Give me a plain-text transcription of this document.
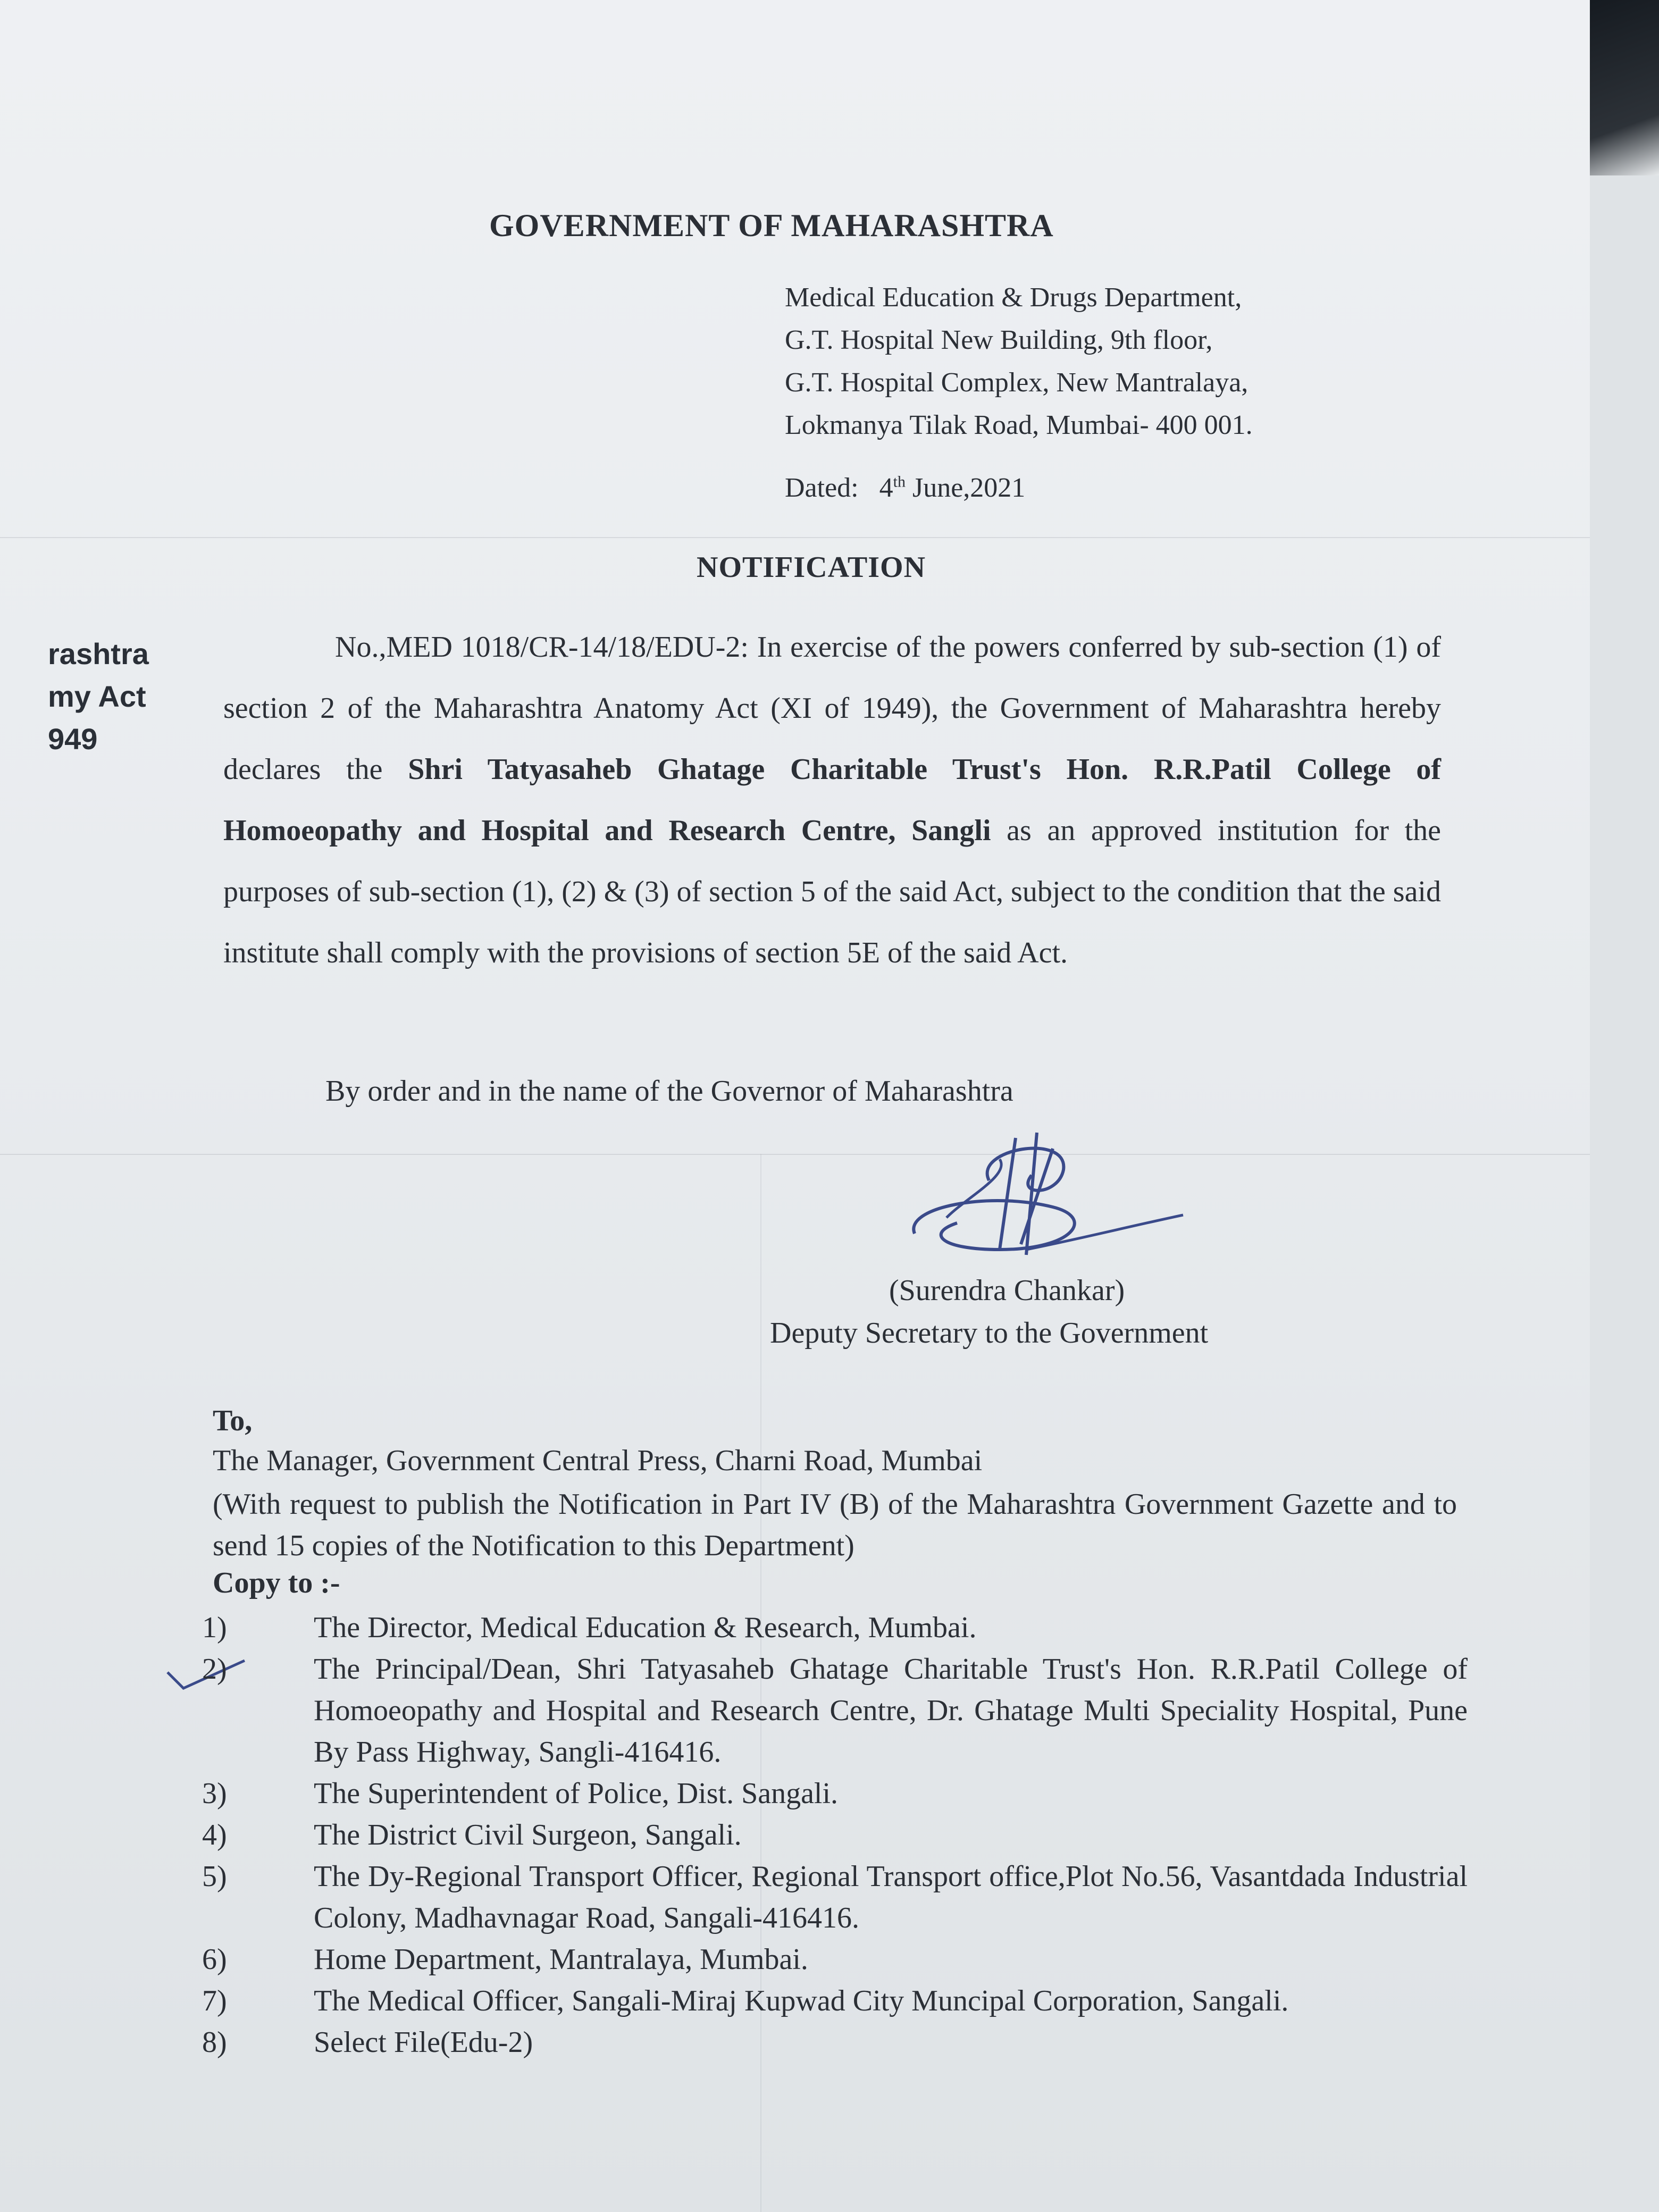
GOVERNMENT OF MAHARASHTRA
Medical Education & Drugs Department,
G.T. Hospital New Building, 9th floor,
G.T. Hospital Complex, New Mantralaya,
Lokmanya Tilak Road, Mumbai- 400 001.
Dated: 4th June,2021
NOTIFICATION
rashtra
my Act
949
No.,MED 1018/CR-14/18/EDU-2: In exercise of the powers conferred by sub-section (1) of section 2 of the Maharashtra Anatomy Act (XI of 1949), the Government of Maharashtra hereby declares the Shri Tatyasaheb Ghatage Charitable Trust's Hon. R.R.Patil College of Homoeopathy and Hospital and Research Centre, Sangli as an approved institution for the purposes of sub-section (1), (2) & (3) of section 5 of the said Act, subject to the condition that the said institute shall comply with the provisions of section 5E of the said Act.
By order and in the name of the Governor of Maharashtra
(Surendra Chankar)
Deputy Secretary to the Government
To,
The Manager, Government Central Press, Charni Road, Mumbai
(With request to publish the Notification in Part IV (B) of the Maharashtra Government Gazette and to send 15 copies of the Notification to this Department)
Copy to :-
1)	The Director, Medical Education & Research, Mumbai.
2)	The Principal/Dean, Shri Tatyasaheb Ghatage Charitable Trust's Hon. R.R.Patil College of Homoeopathy and Hospital and Research Centre, Dr. Ghatage Multi Speciality Hospital, Pune By Pass Highway, Sangli-416416.
3)	The Superintendent of Police, Dist. Sangali.
4)	The District Civil Surgeon, Sangali.
5)	The Dy-Regional Transport Officer, Regional Transport office,Plot No.56, Vasantdada Industrial Colony, Madhavnagar Road, Sangali-416416.
6)	Home Department, Mantralaya, Mumbai.
7)	The Medical Officer, Sangali-Miraj Kupwad City Muncipal Corporation, Sangali.
8)	Select File(Edu-2)
